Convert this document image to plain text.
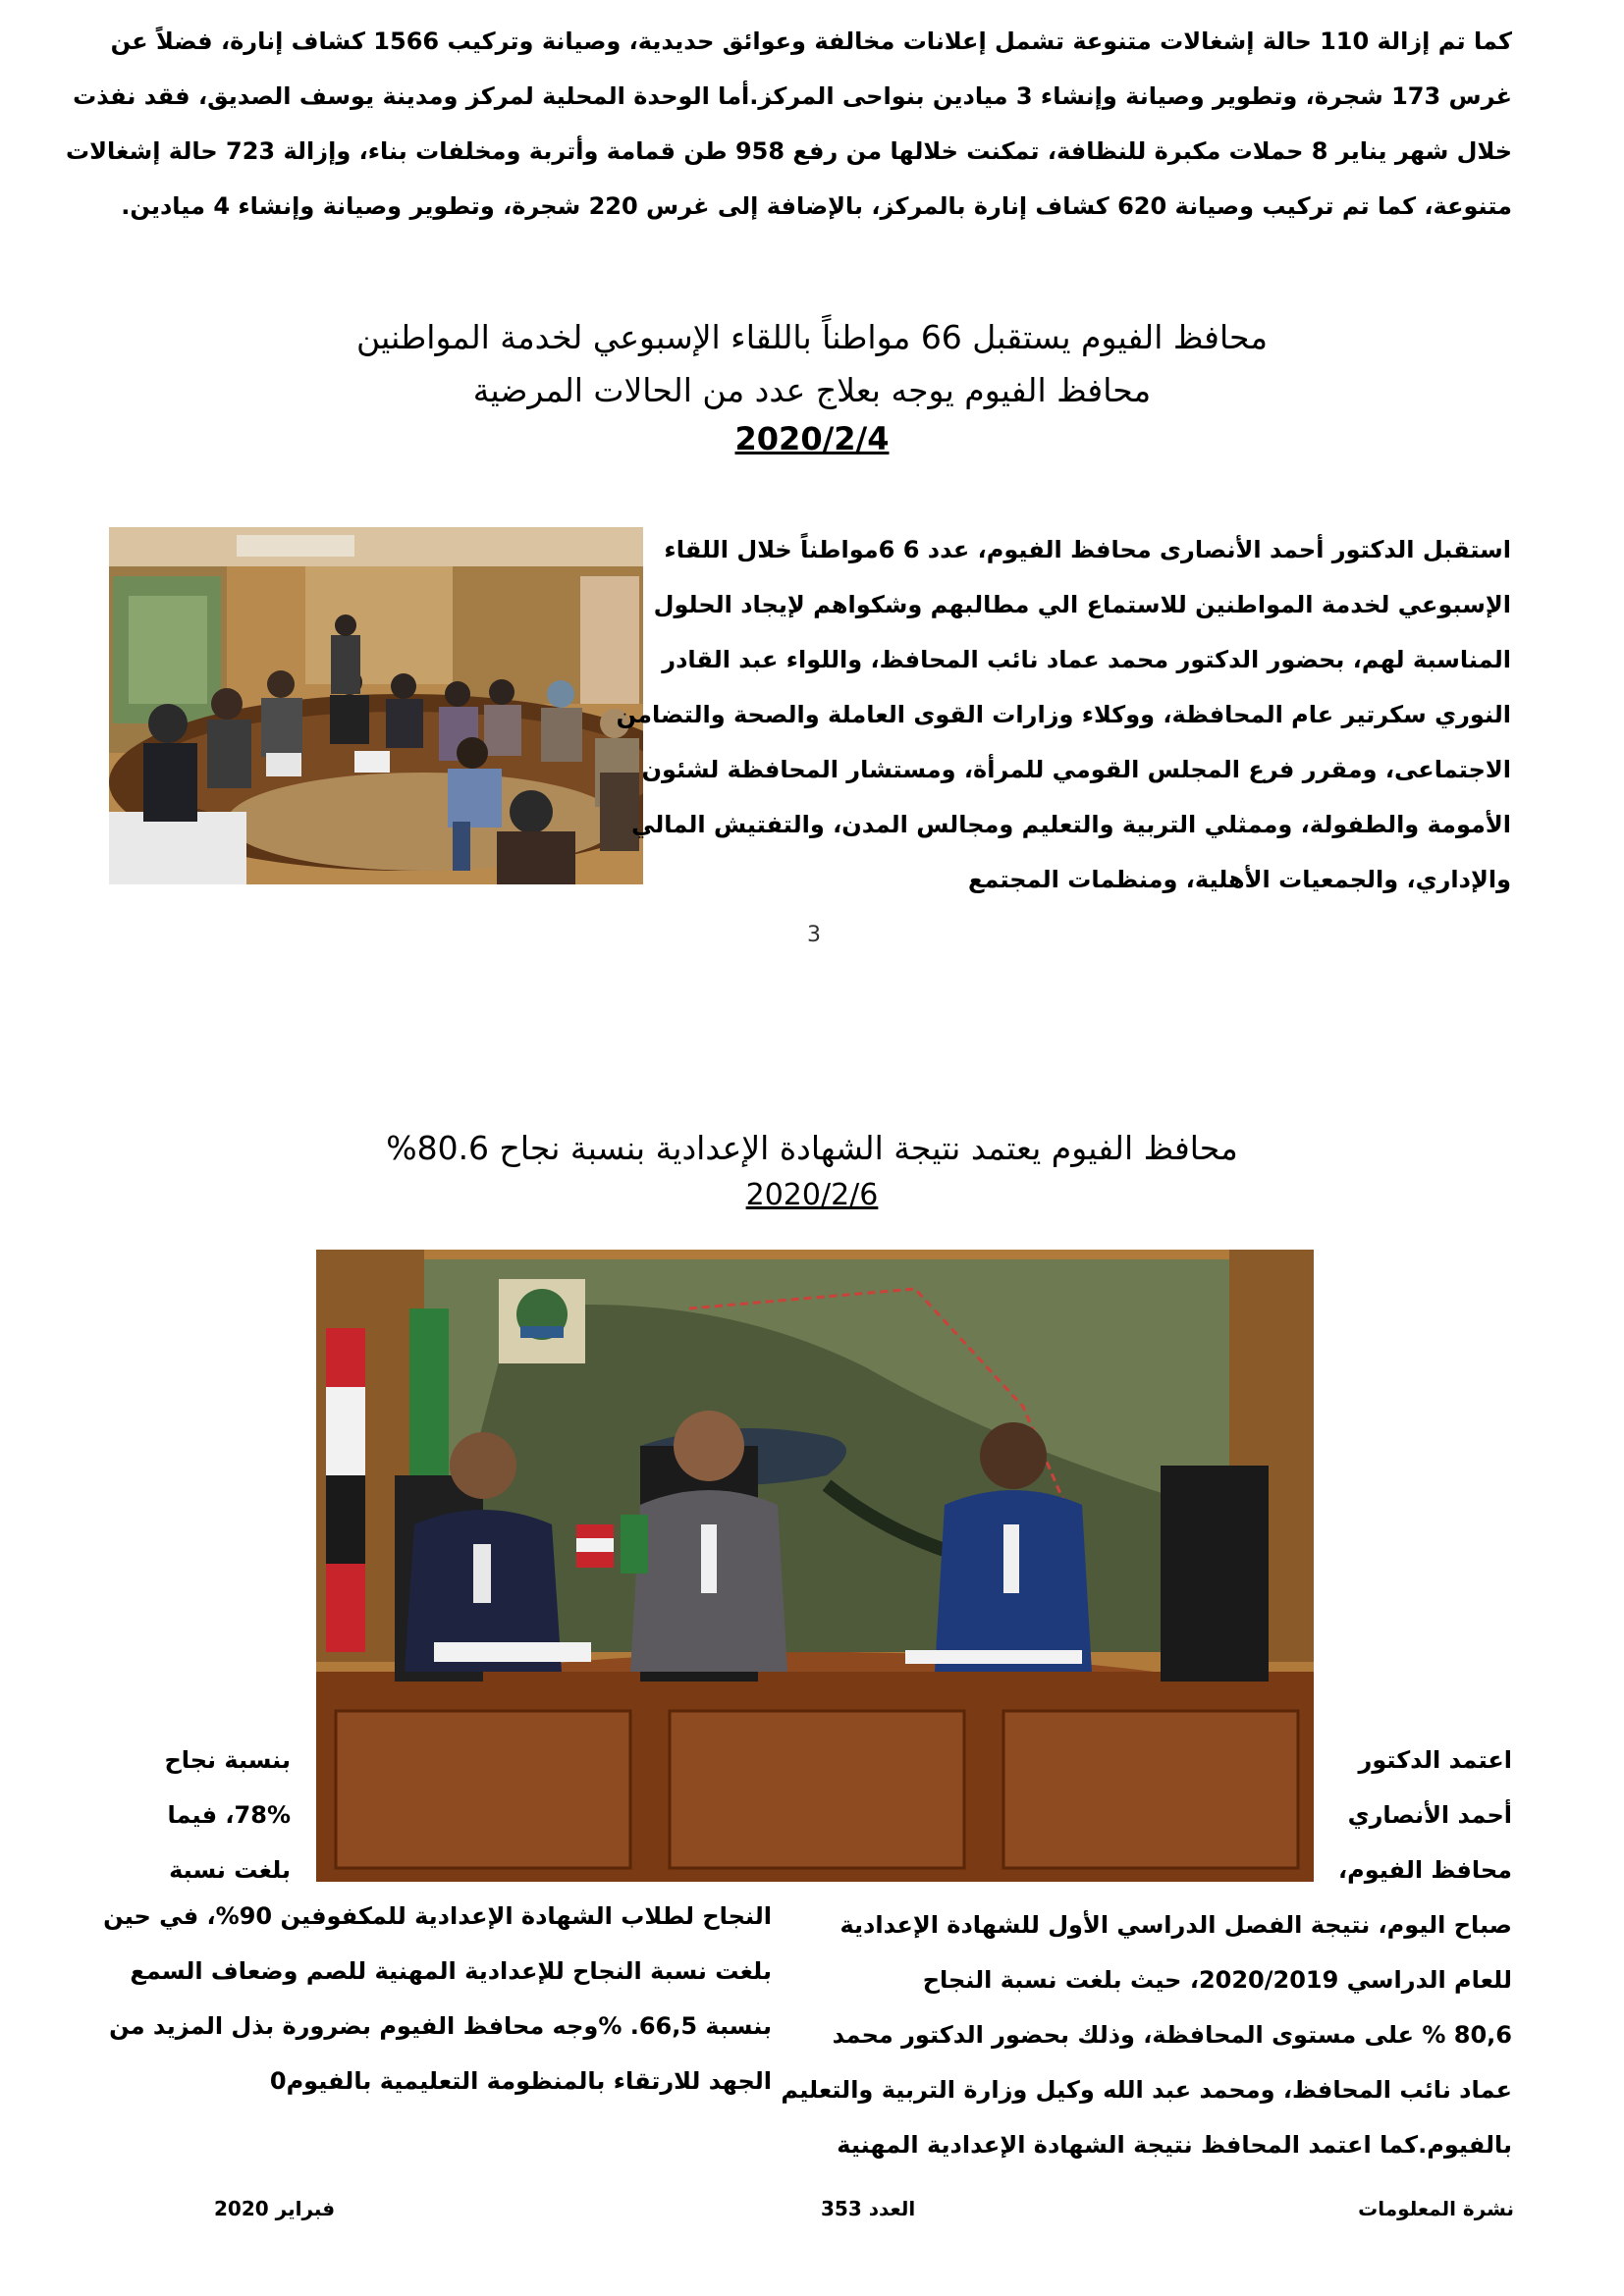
كما تم إزالة 110 حالة إشغالات متنوعة تشمل إعلانات مخالفة وعوائق حديدية، وصيانة وتركيب 1566 كشاف إنارة، فضلاً عن
غرس 173 شجرة، وتطوير وصيانة وإنشاء 3 ميادين بنواحى المركز.أما الوحدة المحلية لمركز ومدينة يوسف الصديق، فقد نفذت
خلال شهر يناير 8 حملات مكبرة للنظافة، تمكنت خلالها من رفع 958 طن قمامة وأتربة ومخلفات بناء، وإزالة 723 حالة إشغالات
متنوعة، كما تم تركيب وصيانة 620 كشاف إنارة بالمركز، بالإضافة إلى غرس 220 شجرة، وتطوير وصيانة وإنشاء 4 ميادين.
محافظ الفيوم يستقبل 66 مواطناً باللقاء الإسبوعي لخدمة المواطنين
محافظ الفيوم يوجه بعلاج عدد من الحالات المرضية
2020/2/4
استقبل الدكتور أحمد الأنصارى محافظ الفيوم، عدد 6 6مواطناً خلال اللقاء
الإسبوعي لخدمة المواطنين للاستماع الي مطالبهم وشكواهم لإيجاد الحلول
المناسبة لهم، بحضور الدكتور محمد عماد نائب المحافظ، واللواء عبد القادر
النوري سكرتير عام المحافظة، ووكلاء وزارات القوى العاملة والصحة والتضامن
الاجتماعى، ومقرر فرع المجلس القومي للمرأة، ومستشار المحافظة لشئون
الأمومة والطفولة، وممثلي التربية والتعليم ومجالس المدن، والتفتيش المالي
والإداري، والجمعيات الأهلية، ومنظمات المجتمع
3
محافظ الفيوم يعتمد نتيجة الشهادة الإعدادية بنسبة نجاح 80.6%
2020/2/6
اعتمد الدكتور
أحمد الأنصاري
محافظ الفيوم،
بنسبة نجاح
78%، فيما
بلغت نسبة
صباح اليوم، نتيجة الفصل الدراسي الأول للشهادة الإعدادية
للعام الدراسي 2020/2019، حيث بلغت نسبة النجاح
80,6 % على مستوى المحافظة، وذلك بحضور الدكتور محمد
عماد نائب المحافظ، ومحمد عبد الله وكيل وزارة التربية والتعليم
بالفيوم.كما اعتمد المحافظ نتيجة الشهادة الإعدادية المهنية
النجاح لطلاب الشهادة الإعدادية للمكفوفين 90%، في حين
بلغت نسبة النجاح للإعدادية المهنية للصم وضعاف السمع
بنسبة 66,5. %وجه محافظ الفيوم بضرورة بذل المزيد من
الجهد للارتقاء بالمنظومة التعليمية بالفيوم0
نشرة المعلومات
العدد 353
فبراير 2020
